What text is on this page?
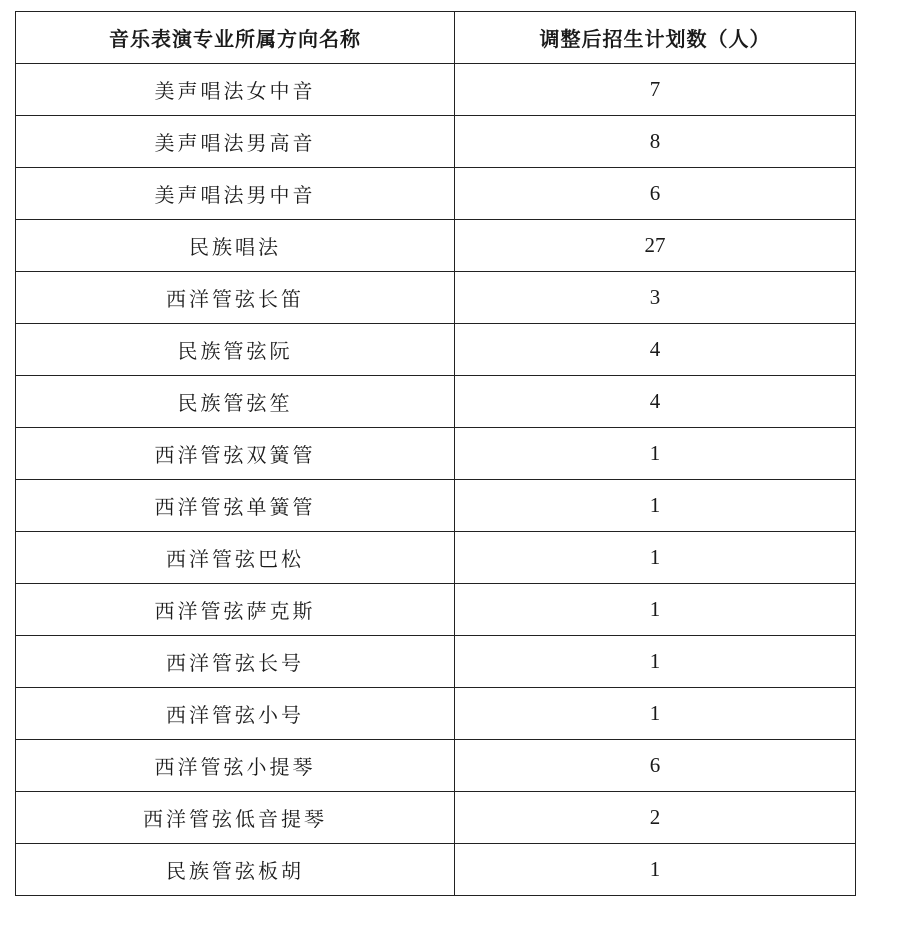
音乐表演专业所属方向名称	调整后招生计划数（人）
美声唱法女中音	7
美声唱法男高音	8
美声唱法男中音	6
民族唱法	27
西洋管弦长笛	3
民族管弦阮	4
民族管弦笙	4
西洋管弦双簧管	1
西洋管弦单簧管	1
西洋管弦巴松	1
西洋管弦萨克斯	1
西洋管弦长号	1
西洋管弦小号	1
西洋管弦小提琴	6
西洋管弦低音提琴	2
民族管弦板胡	1
